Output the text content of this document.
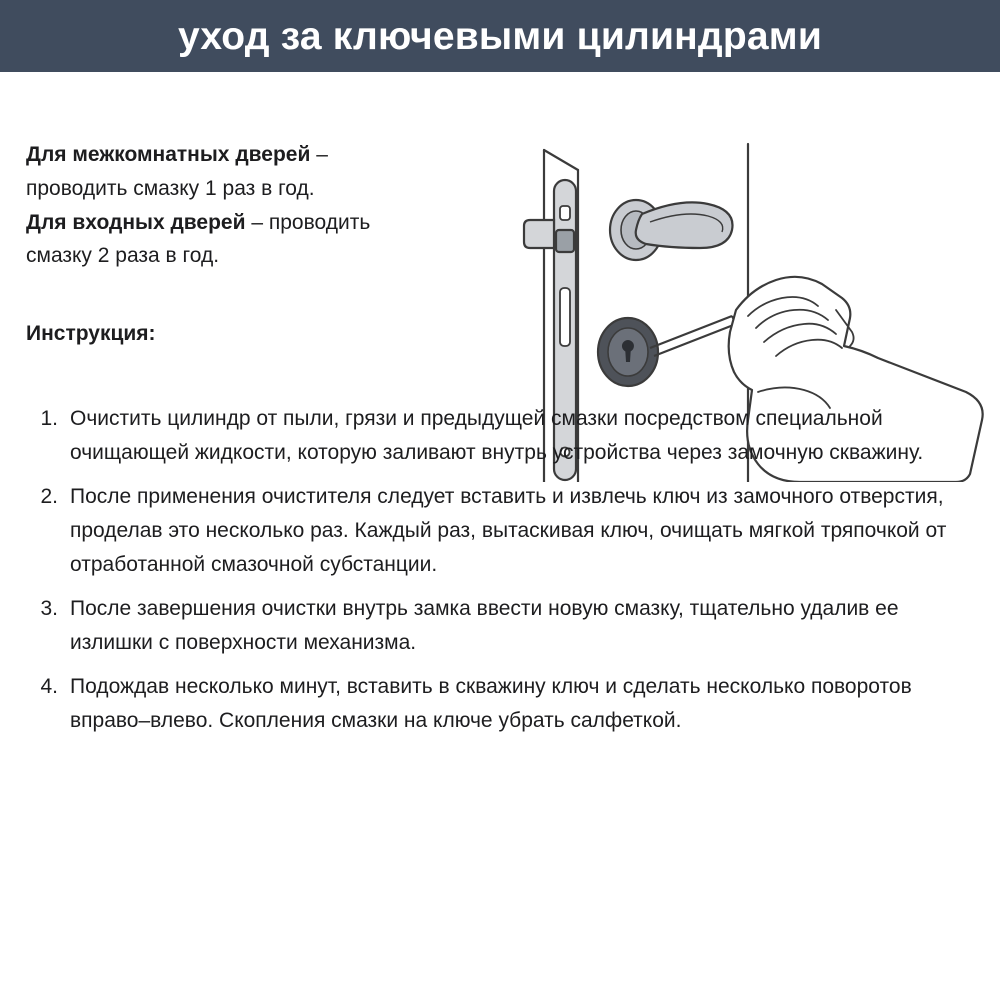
уход за ключевыми цилиндрами

Для межкомнатных дверей –

проводить смазку 1 раз в год.

Для входных дверей – проводить

смазку 2 раза в год.

Инструкция:
1. Очистить цилиндр от пыли, грязи и предыдущей смазки посредством специальной очищающей жидкости, которую заливают внутрь устройства через замочную скважину.
2. После применения очистителя следует вставить и извлечь ключ из замочного отверстия, проделав это несколько раз. Каждый раз, вытаскивая ключ, очищать мягкой тряпочкой от отработанной смазочной субстанции.
3. После завершения очистки внутрь замка ввести новую смазку, тщательно удалив ее излишки с поверхности механизма.
4. Подождав несколько минут, вставить в скважину ключ и сделать несколько поворотов вправо–влево. Скопления смазки на ключе убрать салфеткой.
